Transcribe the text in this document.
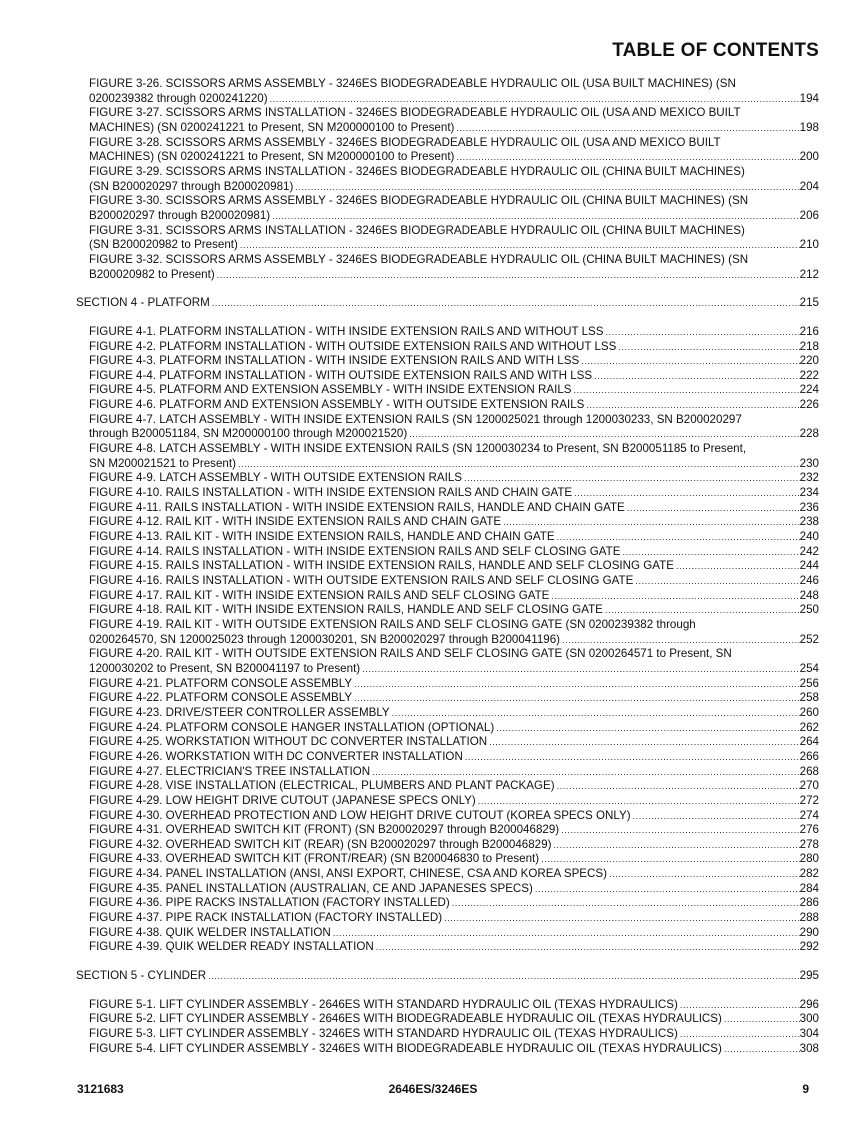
TABLE OF CONTENTS
FIGURE 3-26. SCISSORS ARMS ASSEMBLY - 3246ES BIODEGRADEABLE HYDRAULIC OIL (USA BUILT MACHINES) (SN
0200239382 through 0200241220) .....	194
FIGURE 3-27. SCISSORS ARMS INSTALLATION - 3246ES BIODEGRADEABLE HYDRAULIC OIL (USA AND MEXICO BUILT
MACHINES) (SN 0200241221 to Present, SN M200000100 to Present) .....	198
FIGURE 3-28. SCISSORS ARMS ASSEMBLY - 3246ES BIODEGRADEABLE HYDRAULIC OIL (USA AND MEXICO BUILT
MACHINES) (SN 0200241221 to Present, SN M200000100 to Present) .....	200
FIGURE 3-29. SCISSORS ARMS INSTALLATION - 3246ES BIODEGRADEABLE HYDRAULIC OIL (CHINA BUILT MACHINES)
(SN B200020297 through B200020981) .....	204
FIGURE 3-30. SCISSORS ARMS ASSEMBLY - 3246ES BIODEGRADEABLE HYDRAULIC OIL (CHINA BUILT MACHINES) (SN
B200020297 through B200020981) .....	206
FIGURE 3-31. SCISSORS ARMS INSTALLATION - 3246ES BIODEGRADEABLE HYDRAULIC OIL (CHINA BUILT MACHINES)
(SN B200020982 to Present) .....	210
FIGURE 3-32. SCISSORS ARMS ASSEMBLY - 3246ES BIODEGRADEABLE HYDRAULIC OIL (CHINA BUILT MACHINES) (SN
B200020982 to Present) .....	212
SECTION 4 - PLATFORM .....	215
FIGURE 4-1. PLATFORM INSTALLATION - WITH INSIDE EXTENSION RAILS AND WITHOUT LSS .....	216
FIGURE 4-2. PLATFORM INSTALLATION - WITH OUTSIDE EXTENSION RAILS AND WITHOUT LSS .....	218
FIGURE 4-3. PLATFORM INSTALLATION - WITH INSIDE EXTENSION RAILS AND WITH LSS .....	220
FIGURE 4-4. PLATFORM INSTALLATION - WITH OUTSIDE EXTENSION RAILS AND WITH LSS .....	222
FIGURE 4-5. PLATFORM AND EXTENSION ASSEMBLY - WITH INSIDE EXTENSION RAILS .....	224
FIGURE 4-6. PLATFORM AND EXTENSION ASSEMBLY - WITH OUTSIDE EXTENSION RAILS .....	226
FIGURE 4-7. LATCH ASSEMBLY - WITH INSIDE EXTENSION RAILS (SN 1200025021 through 1200030233, SN B200020297
through B200051184, SN M200000100 through M200021520) .....	228
FIGURE 4-8. LATCH ASSEMBLY - WITH INSIDE EXTENSION RAILS (SN 1200030234 to Present, SN B200051185 to Present,
SN M200021521 to Present) .....	230
FIGURE 4-9. LATCH ASSEMBLY - WITH OUTSIDE EXTENSION RAILS .....	232
FIGURE 4-10. RAILS INSTALLATION - WITH INSIDE EXTENSION RAILS AND CHAIN GATE .....	234
FIGURE 4-11. RAILS INSTALLATION - WITH INSIDE EXTENSION RAILS, HANDLE AND CHAIN GATE .....	236
FIGURE 4-12. RAIL KIT - WITH INSIDE EXTENSION RAILS AND CHAIN GATE .....	238
FIGURE 4-13. RAIL KIT - WITH INSIDE EXTENSION RAILS, HANDLE AND CHAIN GATE .....	240
FIGURE 4-14. RAILS INSTALLATION - WITH INSIDE EXTENSION RAILS AND SELF CLOSING GATE .....	242
FIGURE 4-15. RAILS INSTALLATION - WITH INSIDE EXTENSION RAILS, HANDLE AND SELF CLOSING GATE .....	244
FIGURE 4-16. RAILS INSTALLATION - WITH OUTSIDE EXTENSION RAILS AND SELF CLOSING GATE .....	246
FIGURE 4-17. RAIL KIT - WITH INSIDE EXTENSION RAILS AND SELF CLOSING GATE .....	248
FIGURE 4-18. RAIL KIT - WITH INSIDE EXTENSION RAILS, HANDLE AND SELF CLOSING GATE .....	250
FIGURE 4-19. RAIL KIT - WITH OUTSIDE EXTENSION RAILS AND SELF CLOSING GATE (SN 0200239382 through
0200264570, SN 1200025023 through 1200030201, SN B200020297 through B200041196) .....	252
FIGURE 4-20. RAIL KIT - WITH OUTSIDE EXTENSION RAILS AND SELF CLOSING GATE (SN 0200264571 to Present, SN
1200030202 to Present, SN B200041197 to Present) .....	254
FIGURE 4-21. PLATFORM CONSOLE ASSEMBLY .....	256
FIGURE 4-22. PLATFORM CONSOLE ASSEMBLY .....	258
FIGURE 4-23. DRIVE/STEER CONTROLLER ASSEMBLY .....	260
FIGURE 4-24. PLATFORM CONSOLE HANGER INSTALLATION (OPTIONAL) .....	262
FIGURE 4-25. WORKSTATION WITHOUT DC CONVERTER INSTALLATION .....	264
FIGURE 4-26. WORKSTATION WITH DC CONVERTER INSTALLATION .....	266
FIGURE 4-27. ELECTRICIAN'S TREE INSTALLATION .....	268
FIGURE 4-28. VISE INSTALLATION (ELECTRICAL, PLUMBERS AND PLANT PACKAGE) .....	270
FIGURE 4-29. LOW HEIGHT DRIVE CUTOUT (JAPANESE SPECS ONLY) .....	272
FIGURE 4-30. OVERHEAD PROTECTION AND LOW HEIGHT DRIVE CUTOUT (KOREA SPECS ONLY) .....	274
FIGURE 4-31. OVERHEAD SWITCH KIT (FRONT) (SN B200020297 through B200046829) .....	276
FIGURE 4-32. OVERHEAD SWITCH KIT (REAR) (SN B200020297 through B200046829) .....	278
FIGURE 4-33. OVERHEAD SWITCH KIT (FRONT/REAR) (SN B200046830 to Present) .....	280
FIGURE 4-34. PANEL INSTALLATION (ANSI, ANSI EXPORT, CHINESE, CSA AND KOREA SPECS) .....	282
FIGURE 4-35. PANEL INSTALLATION (AUSTRALIAN, CE AND JAPANESES SPECS) .....	284
FIGURE 4-36. PIPE RACKS INSTALLATION (FACTORY INSTALLED) .....	286
FIGURE 4-37. PIPE RACK INSTALLATION (FACTORY INSTALLED) .....	288
FIGURE 4-38. QUIK WELDER INSTALLATION .....	290
FIGURE 4-39. QUIK WELDER READY INSTALLATION .....	292
SECTION 5 - CYLINDER .....	295
FIGURE 5-1. LIFT CYLINDER ASSEMBLY - 2646ES WITH STANDARD HYDRAULIC OIL (TEXAS HYDRAULICS) .....	296
FIGURE 5-2. LIFT CYLINDER ASSEMBLY - 2646ES WITH BIODEGRADEABLE HYDRAULIC OIL (TEXAS HYDRAULICS) .....	300
FIGURE 5-3. LIFT CYLINDER ASSEMBLY - 3246ES WITH STANDARD HYDRAULIC OIL (TEXAS HYDRAULICS) .....	304
FIGURE 5-4. LIFT CYLINDER ASSEMBLY - 3246ES WITH BIODEGRADEABLE HYDRAULIC OIL (TEXAS HYDRAULICS) .....	308
3121683	2646ES/3246ES	9
